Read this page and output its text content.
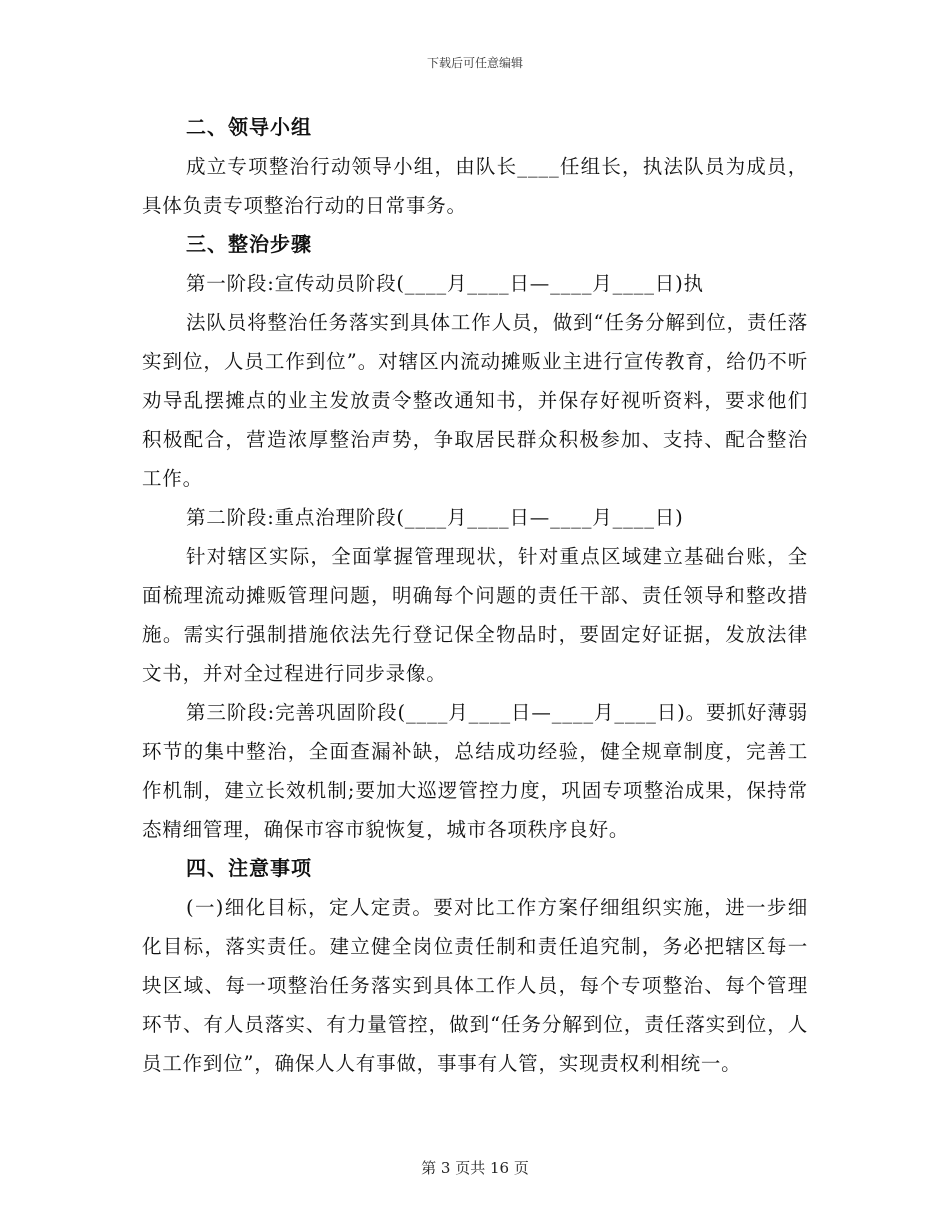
下载后可任意编辑

二、领导小组

成立专项整治行动领导小组，由队长____任组长，执法队员为成员，具体负责专项整治行动的日常事务。

三、整治步骤

第一阶段:宣传动员阶段(____月____日—____月____日)执

法队员将整治任务落实到具体工作人员，做到“任务分解到位，责任落实到位，人员工作到位”。对辖区内流动摊贩业主进行宣传教育，给仍不听劝导乱摆摊点的业主发放责令整改通知书，并保存好视听资料，要求他们积极配合，营造浓厚整治声势，争取居民群众积极参加、支持、配合整治工作。

第二阶段:重点治理阶段(____月____日—____月____日)

针对辖区实际，全面掌握管理现状，针对重点区域建立基础台账，全面梳理流动摊贩管理问题，明确每个问题的责任干部、责任领导和整改措施。需实行强制措施依法先行登记保全物品时，要固定好证据，发放法律文书，并对全过程进行同步录像。

第三阶段:完善巩固阶段(____月____日—____月____日)。要抓好薄弱环节的集中整治，全面查漏补缺，总结成功经验，健全规章制度，完善工作机制，建立长效机制;要加大巡逻管控力度，巩固专项整治成果，保持常态精细管理，确保市容市貌恢复，城市各项秩序良好。

四、注意事项

(一)细化目标，定人定责。要对比工作方案仔细组织实施，进一步细化目标，落实责任。建立健全岗位责任制和责任追究制，务必把辖区每一块区域、每一项整治任务落实到具体工作人员，每个专项整治、每个管理环节、有人员落实、有力量管控，做到“任务分解到位，责任落实到位，人员工作到位”，确保人人有事做，事事有人管，实现责权利相统一。

第 3 页共 16 页
